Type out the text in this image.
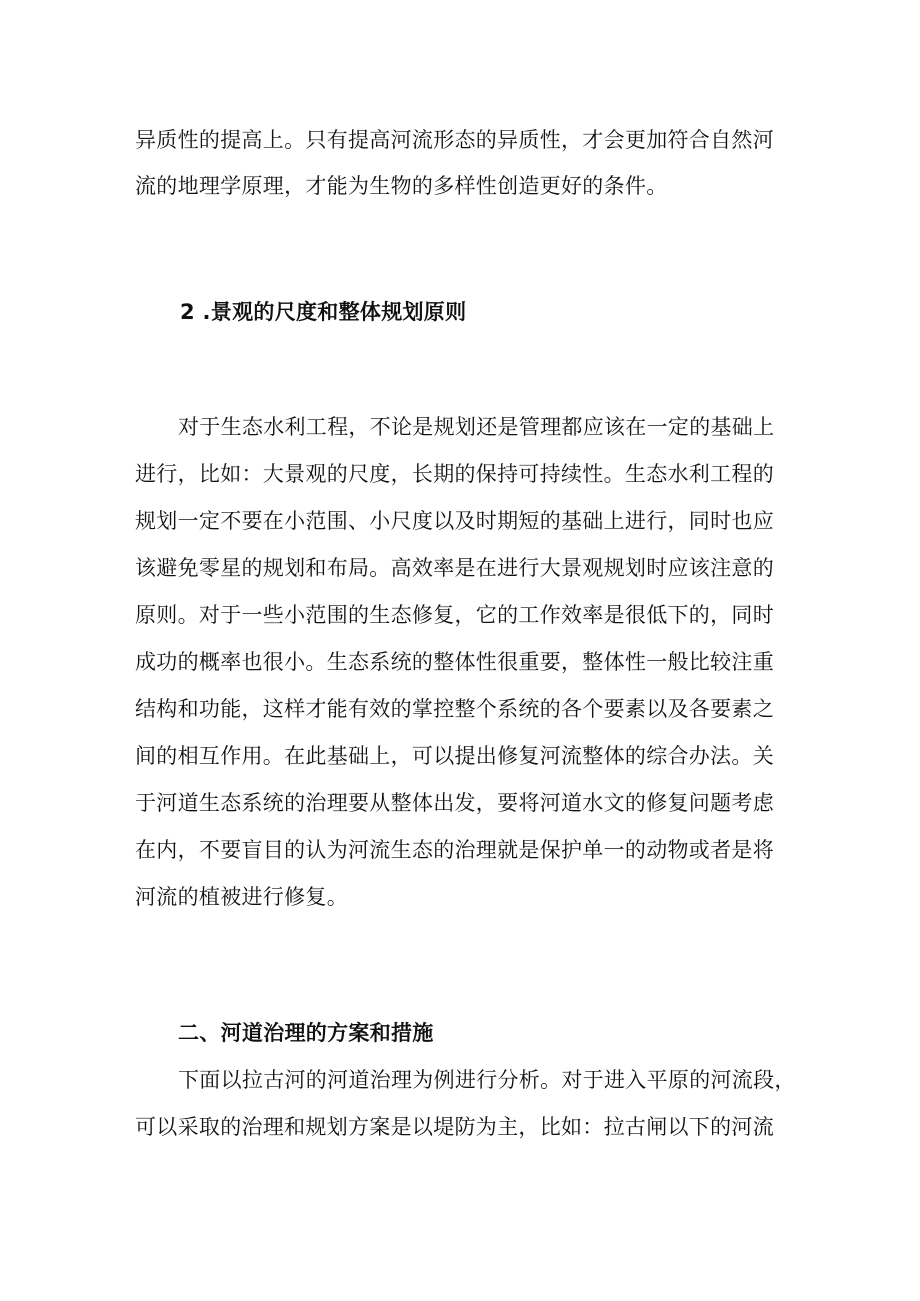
异质性的提高上。只有提高河流形态的异质性，才会更加符合自然河
流的地理学原理，才能为生物的多样性创造更好的条件。
2 .景观的尺度和整体规划原则
对于生态水利工程，不论是规划还是管理都应该在一定的基础上
进行，比如：大景观的尺度，长期的保持可持续性。生态水利工程的
规划一定不要在小范围、小尺度以及时期短的基础上进行，同时也应
该避免零星的规划和布局。高效率是在进行大景观规划时应该注意的
原则。对于一些小范围的生态修复，它的工作效率是很低下的，同时
成功的概率也很小。生态系统的整体性很重要，整体性一般比较注重
结构和功能，这样才能有效的掌控整个系统的各个要素以及各要素之
间的相互作用。在此基础上，可以提出修复河流整体的综合办法。关
于河道生态系统的治理要从整体出发，要将河道水文的修复问题考虑
在内，不要盲目的认为河流生态的治理就是保护单一的动物或者是将
河流的植被进行修复。
二、河道治理的方案和措施
下面以拉古河的河道治理为例进行分析。对于进入平原的河流段，
可以采取的治理和规划方案是以堤防为主，比如：拉古闸以下的河流
